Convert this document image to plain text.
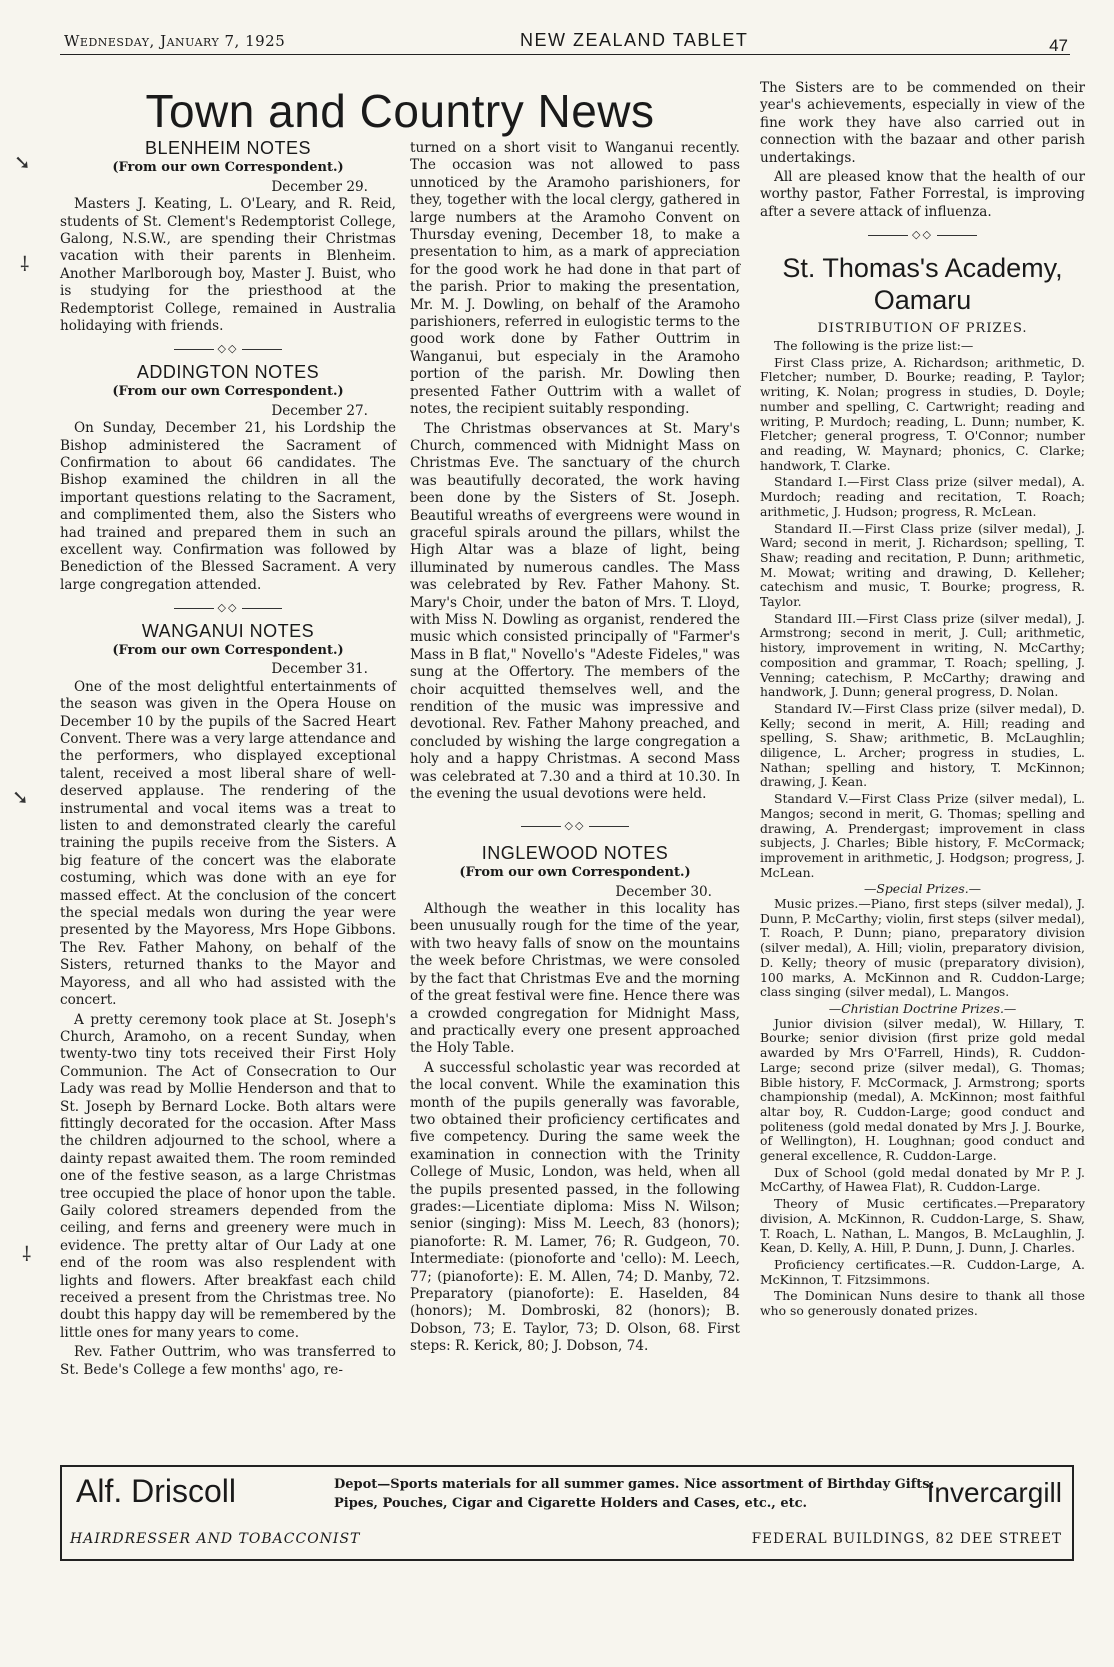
Wednesday, January 7, 1925	NEW ZEALAND TABLET	47
Town and Country News
➘
⸸
➘
⸸
BLENHEIM NOTES
(From our own Correspondent.)
December 29.

Masters J. Keating, L. O'Leary, and R. Reid, students of St. Clement's Redemptorist College, Galong, N.S.W., are spending their Christmas vacation with their parents in Blenheim. Another Marlborough boy, Master J. Buist, who is studying for the priesthood at the Redemptorist College, remained in Australia holidaying with friends.

◇◇
ADDINGTON NOTES
(From our own Correspondent.)
December 27.

On Sunday, December 21, his Lordship the Bishop administered the Sacrament of Confirmation to about 66 candidates. The Bishop examined the children in all the important questions relating to the Sacrament, and complimented them, also the Sisters who had trained and prepared them in such an excellent way. Confirmation was followed by Benediction of the Blessed Sacrament. A very large congregation attended.

◇◇
WANGANUI NOTES
(From our own Correspondent.)
December 31.

One of the most delightful entertainments of the season was given in the Opera House on December 10 by the pupils of the Sacred Heart Convent. There was a very large attendance and the performers, who displayed exceptional talent, received a most liberal share of well-deserved applause. The rendering of the instrumental and vocal items was a treat to listen to and demonstrated clearly the careful training the pupils receive from the Sisters. A big feature of the concert was the elaborate costuming, which was done with an eye for massed effect. At the conclusion of the concert the special medals won during the year were presented by the Mayoress, Mrs Hope Gibbons. The Rev. Father Mahony, on behalf of the Sisters, returned thanks to the Mayor and Mayoress, and all who had assisted with the concert.

A pretty ceremony took place at St. Joseph's Church, Aramoho, on a recent Sunday, when twenty-two tiny tots received their First Holy Communion. The Act of Consecration to Our Lady was read by Mollie Henderson and that to St. Joseph by Bernard Locke. Both altars were fittingly decorated for the occasion. After Mass the children adjourned to the school, where a dainty repast awaited them. The room reminded one of the festive season, as a large Christmas tree occupied the place of honor upon the table. Gaily colored streamers depended from the ceiling, and ferns and greenery were much in evidence. The pretty altar of Our Lady at one end of the room was also resplendent with lights and flowers. After breakfast each child received a present from the Christmas tree. No doubt this happy day will be remembered by the little ones for many years to come.

Rev. Father Outtrim, who was transferred to St. Bede's College a few months' ago, re-

turned on a short visit to Wanganui recently. The occasion was not allowed to pass unnoticed by the Aramoho parishioners, for they, together with the local clergy, gathered in large numbers at the Aramoho Convent on Thursday evening, December 18, to make a presentation to him, as a mark of appreciation for the good work he had done in that part of the parish. Prior to making the presentation, Mr. M. J. Dowling, on behalf of the Aramoho parishioners, referred in eulogistic terms to the good work done by Father Outtrim in Wanganui, but especialy in the Aramoho portion of the parish. Mr. Dowling then presented Father Outtrim with a wallet of notes, the recipient suitably responding.

The Christmas observances at St. Mary's Church, commenced with Midnight Mass on Christmas Eve. The sanctuary of the church was beautifully decorated, the work having been done by the Sisters of St. Joseph. Beautiful wreaths of evergreens were wound in graceful spirals around the pillars, whilst the High Altar was a blaze of light, being illuminated by numerous candles. The Mass was celebrated by Rev. Father Mahony. St. Mary's Choir, under the baton of Mrs. T. Lloyd, with Miss N. Dowling as organist, rendered the music which consisted principally of "Farmer's Mass in B flat," Novello's "Adeste Fideles," was sung at the Offertory. The members of the choir acquitted themselves well, and the rendition of the music was impressive and devotional. Rev. Father Mahony preached, and concluded by wishing the large congregation a holy and a happy Christmas. A second Mass was celebrated at 7.30 and a third at 10.30. In the evening the usual devotions were held.

◇◇
INGLEWOOD NOTES
(From our own Correspondent.)
December 30.

Although the weather in this locality has been unusually rough for the time of the year, with two heavy falls of snow on the mountains the week before Christmas, we were consoled by the fact that Christmas Eve and the morning of the great festival were fine. Hence there was a crowded congregation for Midnight Mass, and practically every one present approached the Holy Table.

A successful scholastic year was recorded at the local convent. While the examination this month of the pupils generally was favorable, two obtained their proficiency certificates and five competency. During the same week the examination in connection with the Trinity College of Music, London, was held, when all the pupils presented passed, in the following grades:—Licentiate diploma: Miss N. Wilson; senior (singing): Miss M. Leech, 83 (honors); pianoforte: R. M. Lamer, 76; R. Gudgeon, 70. Intermediate: (pionoforte and 'cello): M. Leech, 77; (pianoforte): E. M. Allen, 74; D. Manby, 72. Preparatory (pianoforte): E. Haselden, 84 (honors); M. Dombroski, 82 (honors); B. Dobson, 73; E. Taylor, 73; D. Olson, 68. First steps: R. Kerick, 80; J. Dobson, 74.

The Sisters are to be commended on their year's achievements, especially in view of the fine work they have also carried out in connection with the bazaar and other parish undertakings.

All are pleased know that the health of our worthy pastor, Father Forrestal, is improving after a severe attack of influenza.

◇◇
St. Thomas's Academy, Oamaru
DISTRIBUTION OF PRIZES.

The following is the prize list:—

First Class prize, A. Richardson; arithmetic, D. Fletcher; number, D. Bourke; reading, P. Taylor; writing, K. Nolan; progress in studies, D. Doyle; number and spelling, C. Cartwright; reading and writing, P. Murdoch; reading, L. Dunn; number, K. Fletcher; general progress, T. O'Connor; number and reading, W. Maynard; phonics, C. Clarke; handwork, T. Clarke.

Standard I.—First Class prize (silver medal), A. Murdoch; reading and recitation, T. Roach; arithmetic, J. Hudson; progress, R. McLean.

Standard II.—First Class prize (silver medal), J. Ward; second in merit, J. Richardson; spelling, T. Shaw; reading and recitation, P. Dunn; arithmetic, M. Mowat; writing and drawing, D. Kelleher; catechism and music, T. Bourke; progress, R. Taylor.

Standard III.—First Class prize (silver medal), J. Armstrong; second in merit, J. Cull; arithmetic, history, improvement in writing, N. McCarthy; composition and grammar, T. Roach; spelling, J. Venning; catechism, P. McCarthy; drawing and handwork, J. Dunn; general progress, D. Nolan.

Standard IV.—First Class prize (silver medal), D. Kelly; second in merit, A. Hill; reading and spelling, S. Shaw; arithmetic, B. McLaughlin; diligence, L. Archer; progress in studies, L. Nathan; spelling and history, T. McKinnon; drawing, J. Kean.

Standard V.—First Class Prize (silver medal), L. Mangos; second in merit, G. Thomas; spelling and drawing, A. Prendergast; improvement in class subjects, J. Charles; Bible history, F. McCormack; improvement in arithmetic, J. Hodgson; progress, J. McLean.

—Special Prizes.—

Music prizes.—Piano, first steps (silver medal), J. Dunn, P. McCarthy; violin, first steps (silver medal), T. Roach, P. Dunn; piano, preparatory division (silver medal), A. Hill; violin, preparatory division, D. Kelly; theory of music (preparatory division), 100 marks, A. McKinnon and R. Cuddon-Large; class singing (silver medal), L. Mangos.

—Christian Doctrine Prizes.—

Junior division (silver medal), W. Hillary, T. Bourke; senior division (first prize gold medal awarded by Mrs O'Farrell, Hinds), R. Cuddon-Large; second prize (silver medal), G. Thomas; Bible history, F. McCormack, J. Armstrong; sports championship (medal), A. McKinnon; most faithful altar boy, R. Cuddon-Large; good conduct and politeness (gold medal donated by Mrs J. J. Bourke, of Wellington), H. Loughnan; good conduct and general excellence, R. Cuddon-Large.

Dux of School (gold medal donated by Mr P. J. McCarthy, of Hawea Flat), R. Cuddon-Large.

Theory of Music certificates.—Preparatory division, A. McKinnon, R. Cuddon-Large, S. Shaw, T. Roach, L. Nathan, L. Mangos, B. McLaughlin, J. Kean, D. Kelly, A. Hill, P. Dunn, J. Dunn, J. Charles.

Proficiency certificates.—R. Cuddon-Large, A. McKinnon, T. Fitzsimmons.

The Dominican Nuns desire to thank all those who so generously donated prizes.

Alf. Driscoll
HAIRDRESSER AND TOBACCONIST
Depot—Sports materials for all summer games. Nice assortment of Birthday Gifts: Pipes, Pouches, Cigar and Cigarette Holders and Cases, etc., etc.	Invercargill
FEDERAL BUILDINGS, 82 DEE STREET
